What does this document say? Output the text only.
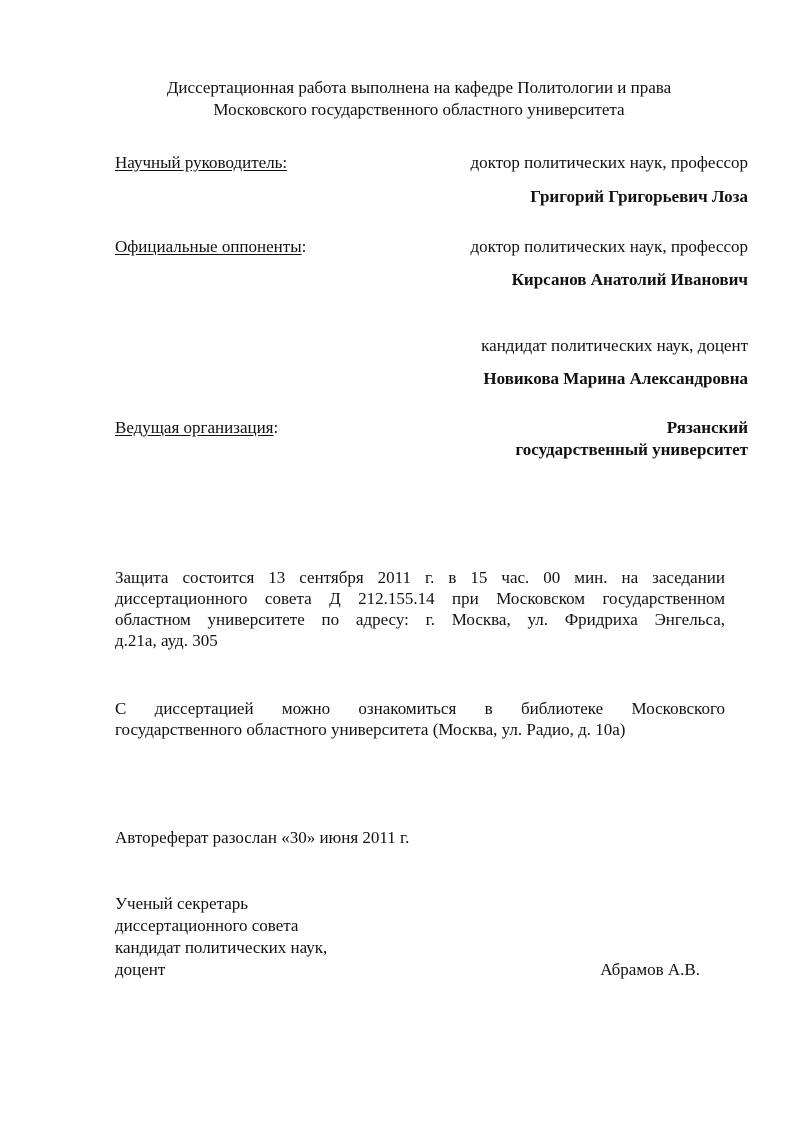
Диссертационная работа выполнена на кафедре Политологии и права
Московского государственного областного университета
Научный руководитель:	доктор политических наук, профессор
Григорий Григорьевич Лоза
Официальные оппоненты:	доктор политических наук, профессор
Кирсанов Анатолий Иванович
кандидат политических наук, доцент
Новикова Марина Александровна
Ведущая организация:	Рязанский
государственный университет
Защита состоится 13 сентября 2011 г. в 15 час. 00 мин. на заседании
диссертационного совета Д 212.155.14 при Московском государственном
областном университете по адресу: г. Москва, ул. Фридриха Энгельса,
д.21а, ауд. 305
С диссертацией можно ознакомиться в библиотеке Московского
государственного областного университета (Москва, ул. Радио, д. 10а)
Автореферат разослан «30» июня 2011 г.
Ученый секретарь
диссертационного совета
кандидат политических наук,
доцент	Абрамов А.В.
